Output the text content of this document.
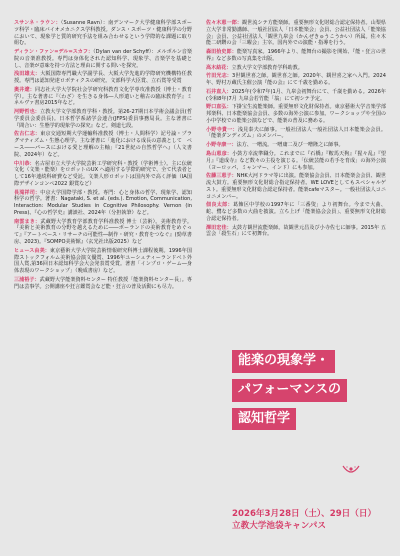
スサンネ・ラウン ： （Susanne Ravn）：南デンマーク大学健康科学部スポーツ科学・臨床バイオメカニクス学科教授。ダンス・スポーツ・健康科学の分野において、現象学と質的研究手法を組み合わせるという学際的な課題に取り組む。

ディラン・ファン=デル=スカフ ： （Dylan van der Schyff）：メルボルン音楽院の音楽准教授。専門は身体化された認知科学、現象学、音楽学を基礎とし、音楽が意味を持つ方法と理由に関する問いを探究。

浅田雄太 ： 大阪国際専門職大学副学長、大阪大学先進的学際研究機構特任教授。専門は認知発達ロボティクスの研究。文部科学大臣賞、立石賞等受賞

奥井遼 ： 同志社大学大学院社会学研究科教育文化学専攻准教授（博士・教育学）。主な著書に『〈わざ〉を生きる身体―人形遣いと稽古の臨床教育学』ミネルヴァ書房2015年など。

河野哲也 ： 立教大学文学部教育学科・教授。第26-27期日本学術会議会員(哲学委員会委員長)。日本哲学系諸学会連合(JFPS)委員事務局長。主な著書に『間合い：生態学的現象学の探究』など。剣道七段。

佐古仁志 ： 東京交通短期大学運輸科准教授（博士・人間科学）記号論・プラグマティズム・生態心理学。主な著書に「進化における成長の意義として　ペース――パースにおける愛と理解の主軸」『21世紀の自然哲学へ』（人文書院、2024年）など。

中川恭 ： 名古屋市立大学大学院芸術工学研究科・教授（学術博士）。主に伝統文化（文楽・能楽）をロボットのUX へ適用する学際的研究で、全て代表者として16年連続科研費など受託。文楽人形ロボットは国内外で高く評価（IA国際デザインコンペ2022 銀賞など）

長滝祥司 ： 中京大学国際学部・教授。専門：心と身体の哲学、現象学、認知科学の哲学。著書：Nagataki, S. et al. (eds.). Emotion, Communication, Interaction: Modular Studies in Cognitive Philosophy. Vernon (in Press)、『心の哲学史』講談社、2024年（分担執筆）など。

南雲まき ： 武蔵野大学教育学部教育学科准教授 博士（芸術）。美術教育学。『美術と美術教育の分野を越えるために――ボーランドの美術教育をめぐって』『アートベース・リサーチの可能性―制作・研究・教育をつなぐ』(勁草書房、2023)。『SOMPO美術館』（玄光社出版2025）など

ヒュース由美 ： 東京藝術大学大学院芸術情報研究科博士課程後期。1996年国際ストックフォルム美術協会演文優賞、1996年ユーシュティーランドベト外国人賞,第36回日本認知科学会大会発表賞受賞。著書「インプロ・ゲーム―身体表現のワークショップ」（晩成書房）など。

三浦裕子 ： 武蔵野大学能楽資料センター 特任教授「能楽資料センター長」。専門は芸事学。公開講座や狂言鑑賞会など能・狂言の普及活動にも尽力。

佐々木恵一郎 ： 観世流シテ方能楽師。重要無形文化財総合認定保持者。山梨県立大学非常勤講師、一般社団法人「日本能楽会」会員、公益社団法人「能楽協会」会員、公益社団法人「観世九皐会（かんぜきゅうこうかい）所属。佐々木能二研鑽の会「三曜会」主宰。国内外での演能・指導を行う。

森田拾史郎 ： 能楽写真家。1966年より、能舞台の撮影を開始、『能・狂言の世界』など多数の写真集を出版。

高木結花 ： 立教大学文学部教育学科助教。

竹田光志 ： 3世観世喜之師。観世喜之師。2020年、観世喜之家へ入門。2024年、野村万蔵氏主催公演『能の会』にて千歳を勤める。

石井直人 ： 2025年(令和7年)1月、九皐会初舞台にて、千歳を勤める。2026年(令和8年)7月 九皐会若竹能「翁」にて初シテ予定。

野口直弘 ： 下掛宝生流能楽師。重要無形文化財保持者。東京藝術大学音楽学部邦楽科、日本能楽協会会員、多数の海外公演に参加。ワークショップや全国の小中学校での能楽公演などで、能楽の普及に務める。

小野寺貴一 ： 浅見泰夫に師事。一般社団法人一般社団法人日本能楽会会員。「能楽ダンディズム」のメンバー。

小野寺康一 ： 法方、一噌流。一噌庸二及び一噌隆之に師事。

島山恵彦 ： 小鼓方幸流準職分。これまでに『石橋』『鞍馬天狗』『猩々乱』『望月』『道成寺』など数々の主役を演じる。「伝統芸能の若手を育成」の海外公演（ヨーロッパ、ミャンマー、インド）にも参加。

佐藤三恵子 ： NHK大河ドラマ等に出演。能楽協会会員、日本能楽会会員、観世流大鼓方。重要無形文化財総合指定保持者。WE LOVEとしてもスペシャルゲスト。重要無形文化財総合認定保持者。能楽cafeマスター。一般社団法人コニコニメンバー。

佃良太郎 ： 葛飾区中学校の1997年に「三番叟」より初舞台。今まで大曲、蛇、鷺など多数の大曲を披演。立ち上げ「能楽協会会員」、重要無形文化財総合認定保持者。

澤田宏佳 ： 太鼓方観世流能楽師。故観世元昌及び小寺佐七に師事。2015年 五雲会「殺生石」にて初舞台。

能楽の現象学・
パフォーマンスの
認知哲学
2026年3月28日（土）、29日（日）
立教大学池袋キャンパス
